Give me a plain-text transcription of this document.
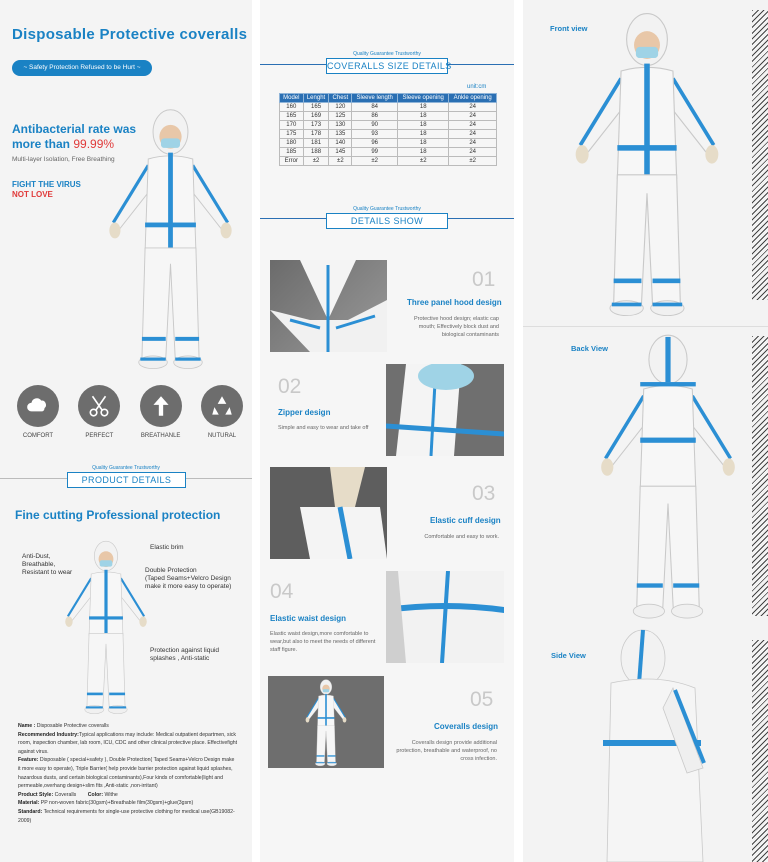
Disposable Protective coveralls
~ Safety Protection Refused to be Hurt ~
Antibacterial rate was
more than 99.99%
Multi-layer Isolation, Free Breathing
FIGHT THE VIRUS
NOT LOVE
COMFORT	PERFECT	BREATHANLE	NUTURAL
Quality Guarantee Trustworthy
PRODUCT DETAILS
Fine cutting Professional protection
Anti-Dust,
Breathable,
Resistant to wear
Elastic brim
Double Protection
(Taped Seams+Velcro Design
make it more easy to operate)
Protection against liquid
splashes , Anti-static
Name : Disposable Protective coveralls
Recommended Industry:Typical applications may include: Medical outpatient departmen, sick room, inspection chamber, lab room, ICU, CDC and other clinical protective place. Effectivefight against virus.
Feature: Disposable ( special+safety ), Double Protection( Taped Seams+Velcro Design make it more easy to operate), Triple Barrier( help provide barrier protection against liquid splashes, hazardous dusts, and certain biological contaminants),Four kinds of comfortable(light and permeable,overhang design+slim fits ,Anti-static ,non-irritant)
Product Style: Coveralls Color: Withe
Material: PP non-woven fabric(30gsm)+Breathable film(30gsm)+glue(3gsm)
Standard: Technical requirements for single-use protective clothing for medical use(GB19082-2009)
Quality Guarantee Trustworthy
COVERALLS SIZE DETAILS
unit:cm
Model	Lenght	Chest	Sleeve length	Sleeve opening	Ankle opening
160	165	120	84	18	24
165	169	125	86	18	24
170	173	130	90	18	24
175	178	135	93	18	24
180	181	140	96	18	24
185	188	145	99	18	24
Error	±2	±2	±2	±2	±2
Quality Guarantee Trustworthy
DETAILS SHOW
01
Three panel hood design
Protective hood design; elastic cap mouth; Effectively block dust and biological contaminants
02
Zipper design
Simple and easy to wear and take off
03
Elastic cuff design
Comfortable and easy to work.
04
Elastic waist design
Elastic waist design,more comfortable to wear,but also to meet the needs of different staff figure.
05
Coveralls design
Coveralls design provide additional protection, breathable and waterproof, no cross infection.
Front view
Back View
Side View
